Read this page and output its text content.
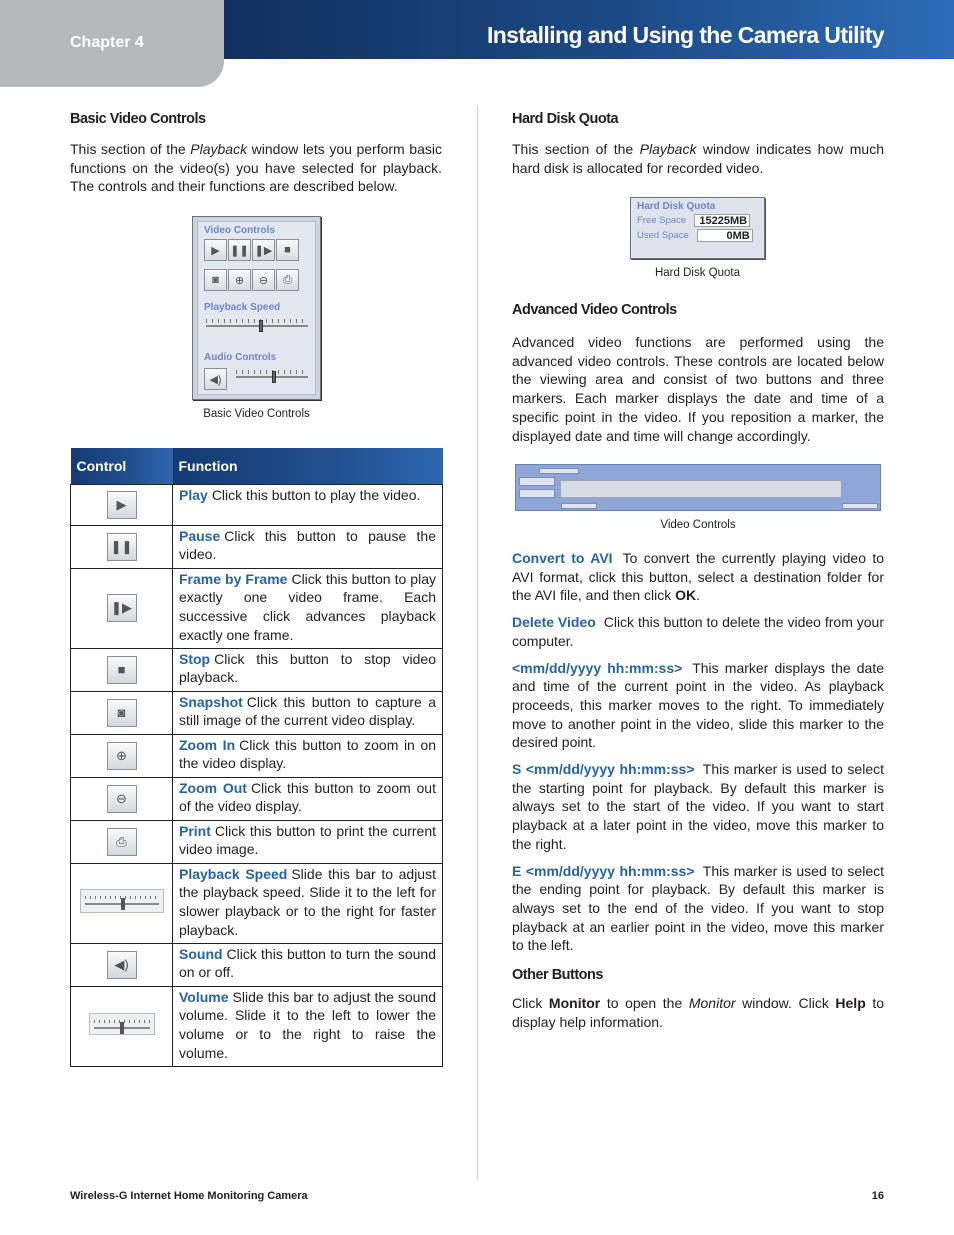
Chapter 4	Installing and Using the Camera Utility
Basic Video Controls

This section of the Playback window lets you perform basic functions on the video(s) you have selected for playback. The controls and their functions are described below.

Video Controls
▶ ❚❚ ❚▶	■
◙	⊕	⊖	⎙
Playback Speed
Audio Controls
◀)
Basic Video Controls
Control	Function
▶	Play Click this button to play the video.
❚❚	Pause Click this button to pause the video.
❚▶	Frame by Frame Click this button to play exactly one video frame. Each successive click advances playback exactly one frame.
■	Stop Click this button to stop video playback.
◙	Snapshot Click this button to capture a still image of the current video display.
⊕	Zoom In Click this button to zoom in on the video display.
⊖	Zoom Out Click this button to zoom out of the video display.
⎙	Print Click this button to print the current video image.

	Playback Speed Slide this bar to adjust the playback speed. Slide it to the left for slower playback or to the right for faster playback.
◀)	Sound Click this button to turn the sound on or off.

	Volume Slide this bar to adjust the sound volume. Slide it to the left to lower the volume or to the right to raise the volume.
Hard Disk Quota

This section of the Playback window indicates how much hard disk is allocated for recorded video.

Hard Disk Quota
Free Space	15225MB
Used Space	0MB
Hard Disk Quota
Advanced Video Controls

Advanced video functions are performed using the advanced video controls. These controls are located below the viewing area and consist of two buttons and three markers. Each marker displays the date and time of a specific point in the video. If you reposition a marker, the displayed date and time will change accordingly.

Video Controls

Convert to AVI To convert the currently playing video to AVI format, click this button, select a destination folder for the AVI file, and then click OK.

Delete Video Click this button to delete the video from your computer.

<mm/dd/yyyy hh:mm:ss> This marker displays the date and time of the current point in the video. As playback proceeds, this marker moves to the right. To immediately move to another point in the video, slide this marker to the desired point.

S <mm/dd/yyyy hh:mm:ss> This marker is used to select the starting point for playback. By default this marker is always set to the start of the video. If you want to start playback at a later point in the video, move this marker to the right.

E <mm/dd/yyyy hh:mm:ss> This marker is used to select the ending point for playback. By default this marker is always set to the end of the video. If you want to stop playback at an earlier point in the video, move this marker to the left.

Other Buttons

Click Monitor to open the Monitor window. Click Help to display help information.

Wireless-G Internet Home Monitoring Camera	16
